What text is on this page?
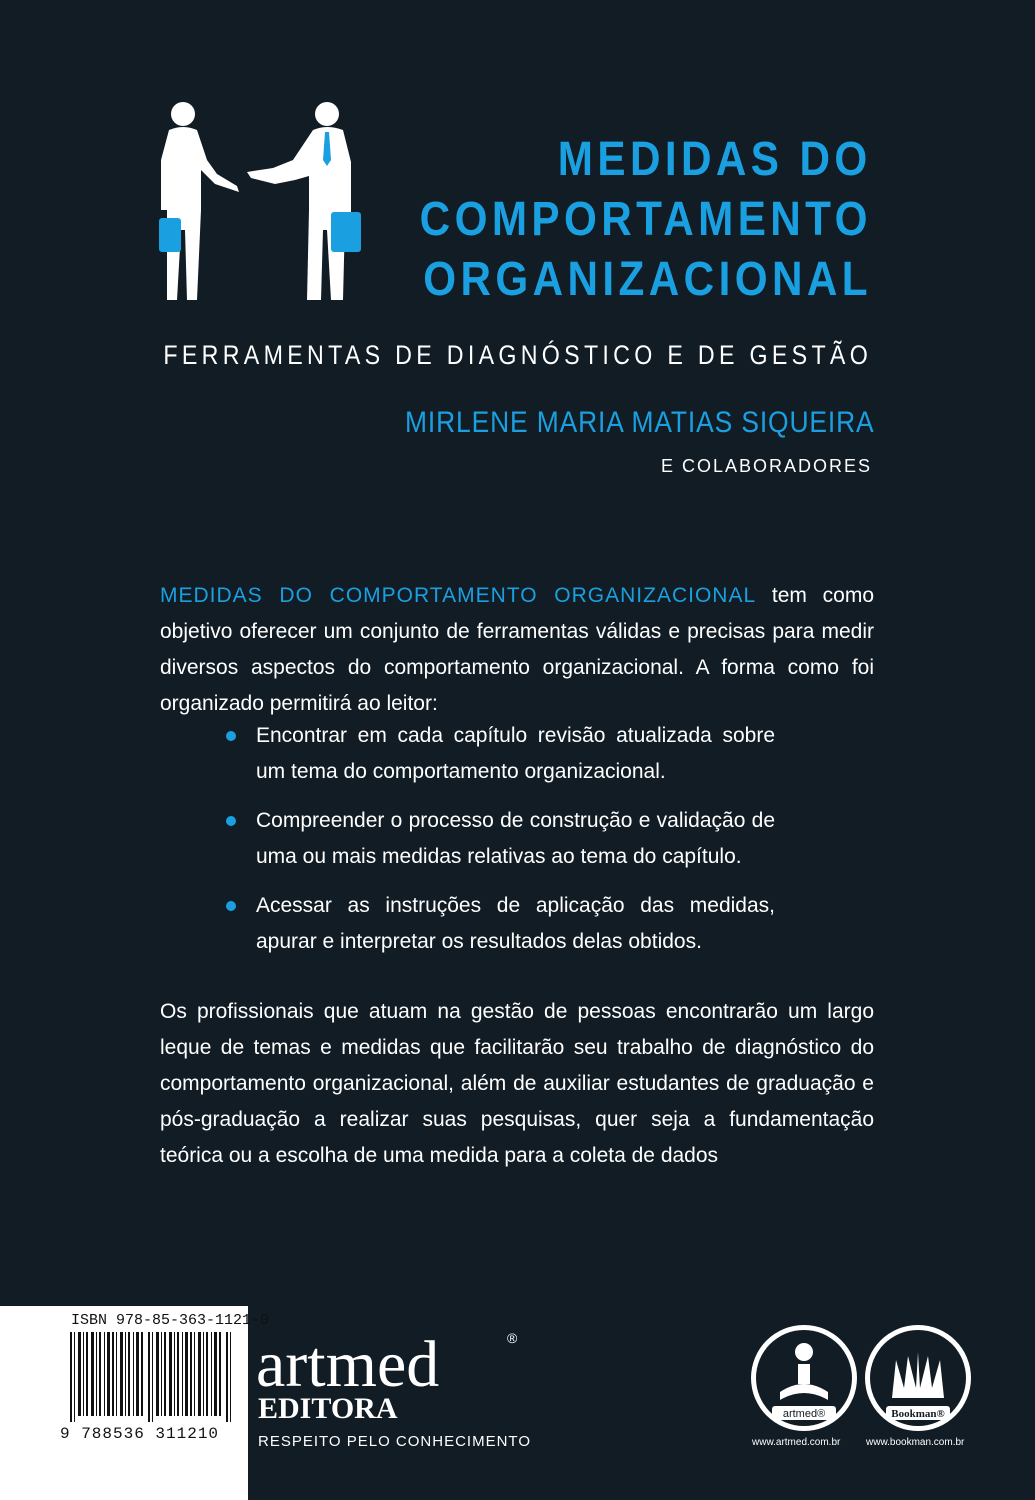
MEDIDAS DO
COMPORTAMENTO
ORGANIZACIONAL
FERRAMENTAS DE DIAGNÓSTICO E DE GESTÃO
MIRLENE MARIA MATIAS SIQUEIRA
E COLABORADORES
MEDIDAS DO COMPORTAMENTO ORGANIZACIONAL tem como objetivo oferecer um conjunto de ferramentas válidas e precisas para medir diversos aspectos do comportamento organizacional. A forma como foi organizado permitirá ao leitor:
Encontrar em cada capítulo revisão atualizada sobre um tema do comportamento organizacional.
Compreender o processo de construção e validação de uma ou mais medidas relativas ao tema do capítulo.
Acessar as instruções de aplicação das medidas, apurar e interpretar os resultados delas obtidos.
Os profissionais que atuam na gestão de pessoas encontrarão um largo leque de temas e medidas que facilitarão seu trabalho de diagnóstico do comportamento organizacional, além de auxiliar estudantes de graduação e pós-graduação a realizar suas pesquisas, quer seja a fundamentação teórica ou a escolha de uma medida para a coleta de dados
ISBN 978-85-363-1121-0
9 788536 311210
artmed	®
EDITORA
RESPEITO PELO CONHECIMENTO
artmed®	Bookman®
www.artmed.com.br	www.bookman.com.br
